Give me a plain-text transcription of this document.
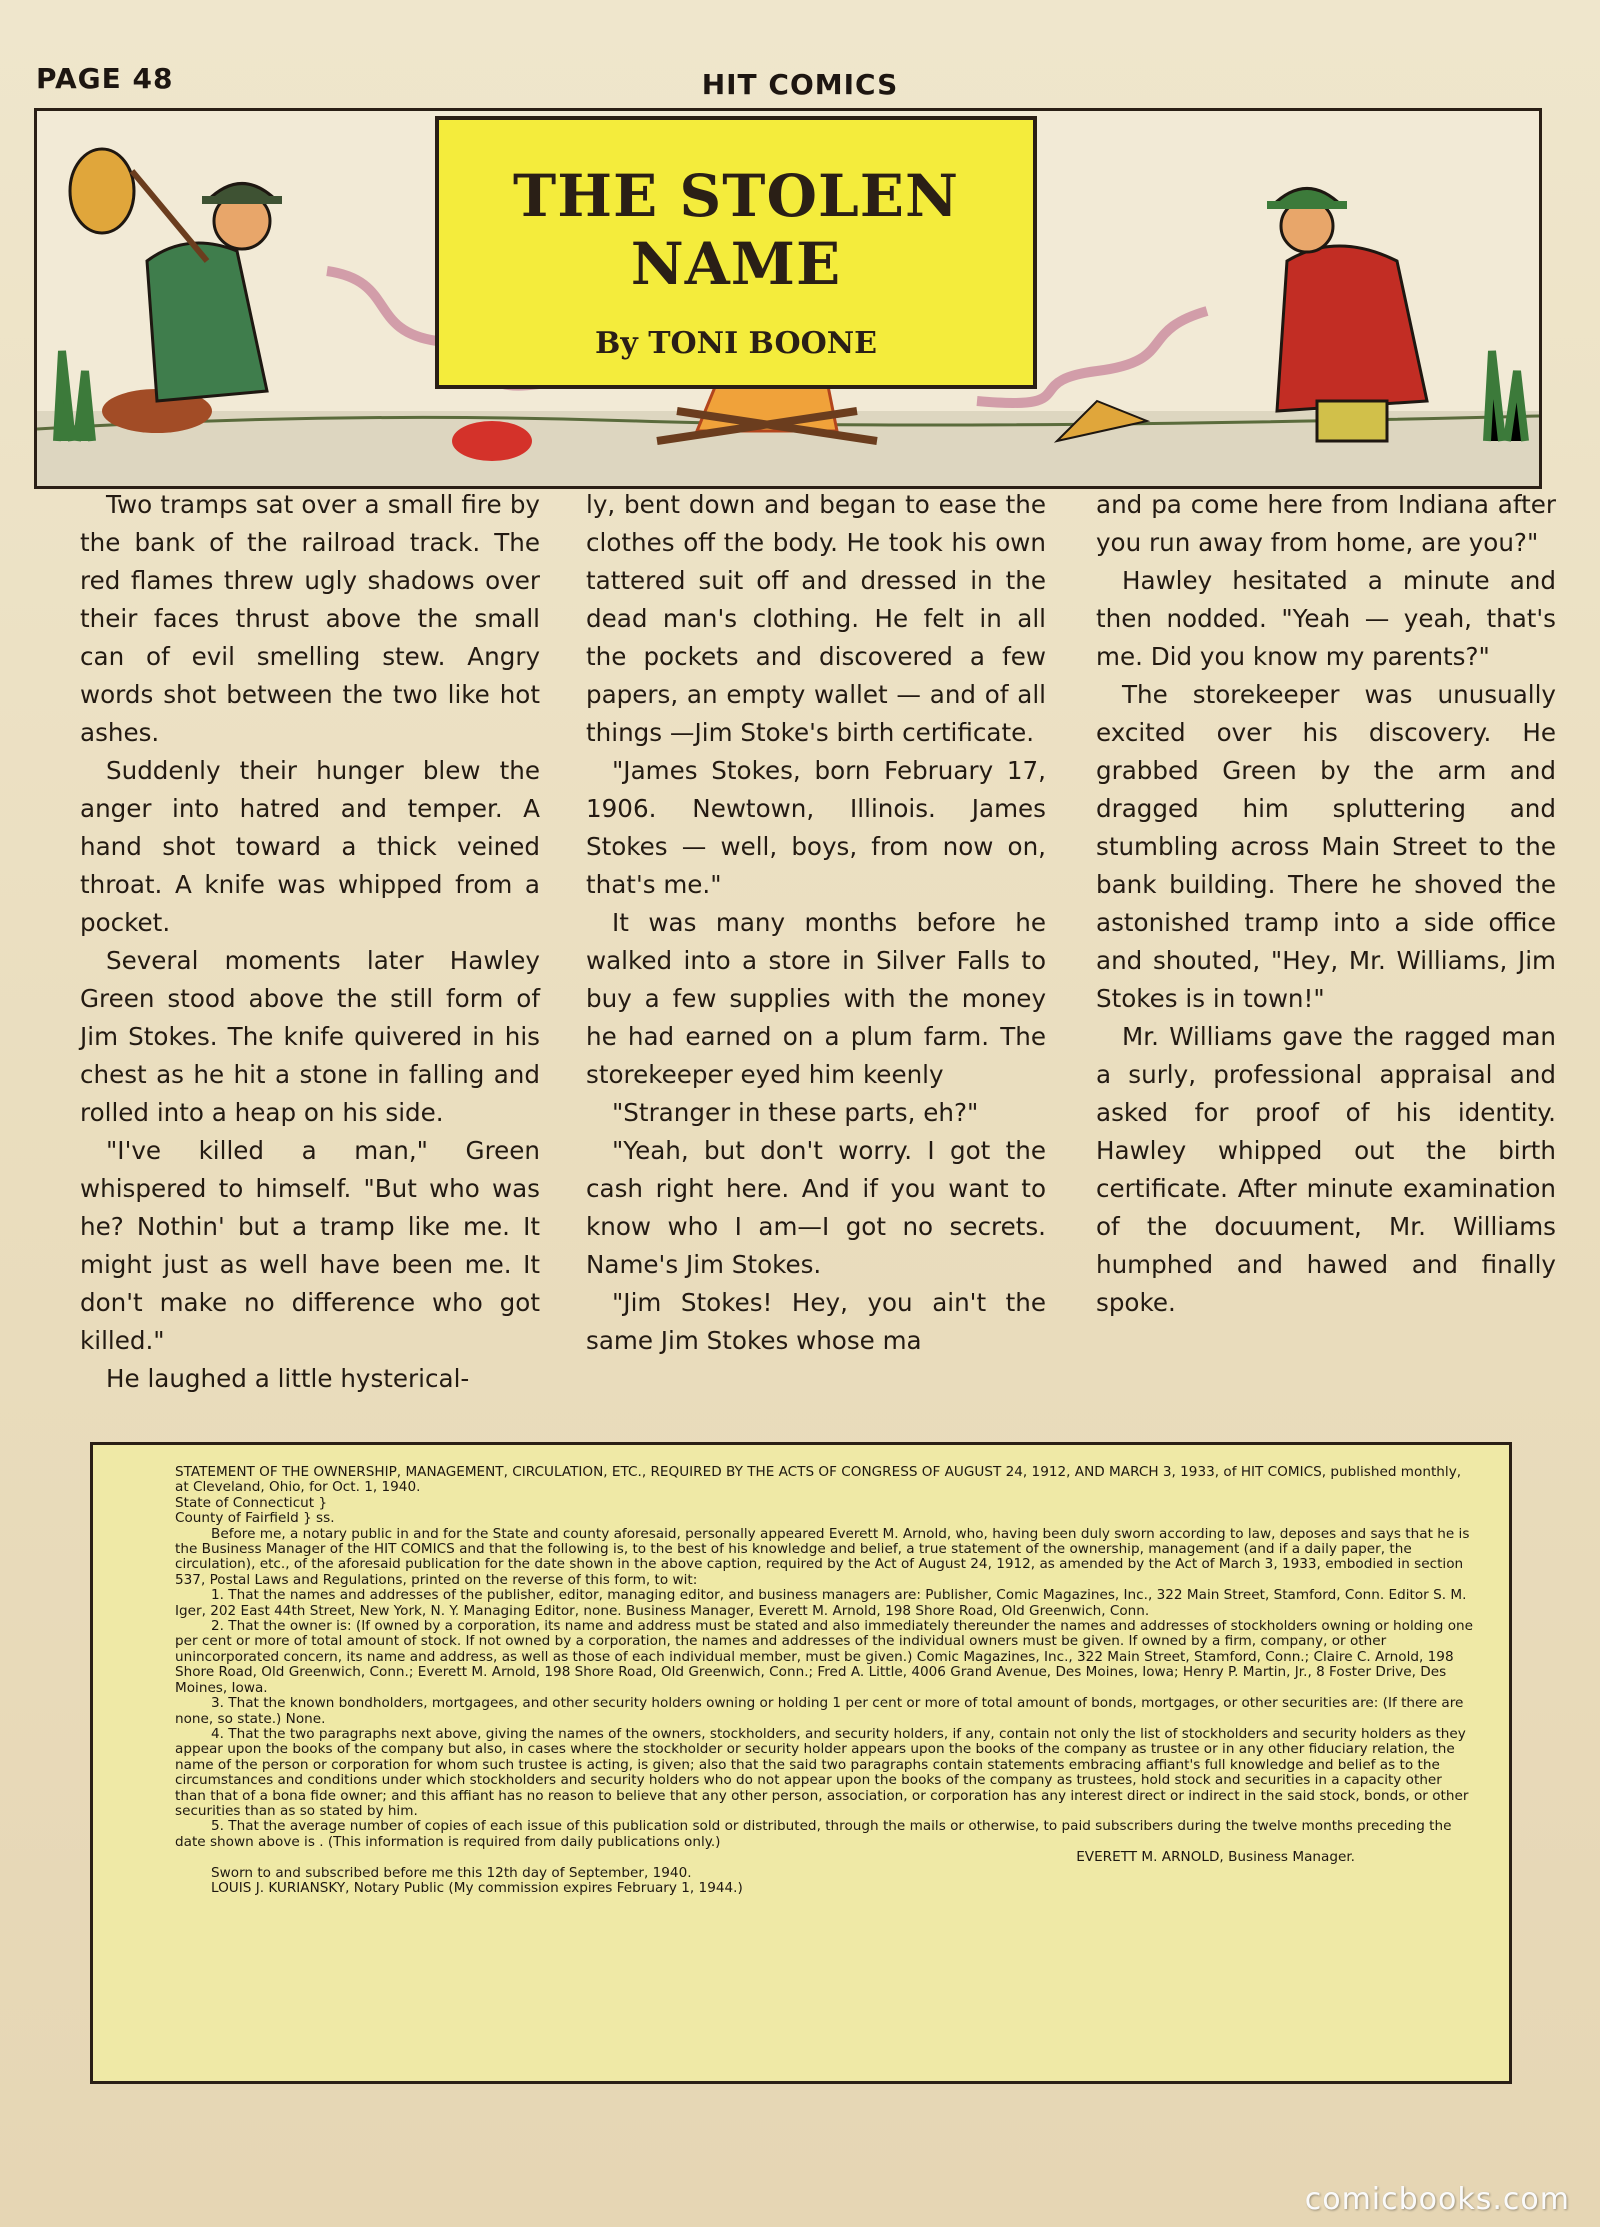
PAGE 48	HIT COMICS
THE STOLEN NAME
By TONI BOONE

Two tramps sat over a small fire by the bank of the railroad track. The red flames threw ugly shadows over their faces thrust above the small can of evil smelling stew. Angry words shot between the two like hot ashes.

Suddenly their hunger blew the anger into hatred and temper. A hand shot toward a thick veined throat. A knife was whipped from a pocket.

Several moments later Hawley Green stood above the still form of Jim Stokes. The knife quivered in his chest as he hit a stone in falling and rolled into a heap on his side.

"I've killed a man," Green whispered to himself. "But who was he? Nothin' but a tramp like me. It might just as well have been me. It don't make no difference who got killed."

He laughed a little hysterical-

ly, bent down and began to ease the clothes off the body. He took his own tattered suit off and dressed in the dead man's clothing. He felt in all the pockets and discovered a few papers, an empty wallet — and of all things —Jim Stoke's birth certificate.

"James Stokes, born February 17, 1906. Newtown, Illinois. James Stokes — well, boys, from now on, that's me."

It was many months before he walked into a store in Silver Falls to buy a few supplies with the money he had earned on a plum farm. The storekeeper eyed him keenly

"Stranger in these parts, eh?"

"Yeah, but don't worry. I got the cash right here. And if you want to know who I am—I got no secrets. Name's Jim Stokes.

"Jim Stokes! Hey, you ain't the same Jim Stokes whose ma

and pa come here from Indiana after you run away from home, are you?"

Hawley hesitated a minute and then nodded. "Yeah — yeah, that's me. Did you know my parents?"

The storekeeper was unusually excited over his discovery. He grabbed Green by the arm and dragged him spluttering and stumbling across Main Street to the bank building. There he shoved the astonished tramp into a side office and shouted, "Hey, Mr. Williams, Jim Stokes is in town!"

Mr. Williams gave the ragged man a surly, professional appraisal and asked for proof of his identity. Hawley whipped out the birth certificate. After minute examination of the docuument, Mr. Williams humphed and hawed and finally spoke.

STATEMENT OF THE OWNERSHIP, MANAGEMENT, CIRCULATION, ETC., REQUIRED BY THE ACTS OF CONGRESS OF AUGUST 24, 1912, AND MARCH 3, 1933, of HIT COMICS, published monthly, at Cleveland, Ohio, for Oct. 1, 1940.

State of Connecticut }

County of Fairfield } ss.

Before me, a notary public in and for the State and county aforesaid, personally appeared Everett M. Arnold, who, having been duly sworn according to law, deposes and says that he is the Business Manager of the HIT COMICS and that the following is, to the best of his knowledge and belief, a true statement of the ownership, management (and if a daily paper, the circulation), etc., of the aforesaid publication for the date shown in the above caption, required by the Act of August 24, 1912, as amended by the Act of March 3, 1933, embodied in section 537, Postal Laws and Regulations, printed on the reverse of this form, to wit:

1. That the names and addresses of the publisher, editor, managing editor, and business managers are: Publisher, Comic Magazines, Inc., 322 Main Street, Stamford, Conn. Editor S. M. Iger, 202 East 44th Street, New York, N. Y. Managing Editor, none. Business Manager, Everett M. Arnold, 198 Shore Road, Old Greenwich, Conn.

2. That the owner is: (If owned by a corporation, its name and address must be stated and also immediately thereunder the names and addresses of stockholders owning or holding one per cent or more of total amount of stock. If not owned by a corporation, the names and addresses of the individual owners must be given. If owned by a firm, company, or other unincorporated concern, its name and address, as well as those of each individual member, must be given.) Comic Magazines, Inc., 322 Main Street, Stamford, Conn.; Claire C. Arnold, 198 Shore Road, Old Greenwich, Conn.; Everett M. Arnold, 198 Shore Road, Old Greenwich, Conn.; Fred A. Little, 4006 Grand Avenue, Des Moines, Iowa; Henry P. Martin, Jr., 8 Foster Drive, Des Moines, Iowa.

3. That the known bondholders, mortgagees, and other security holders owning or holding 1 per cent or more of total amount of bonds, mortgages, or other securities are: (If there are none, so state.) None.

4. That the two paragraphs next above, giving the names of the owners, stockholders, and security holders, if any, contain not only the list of stockholders and security holders as they appear upon the books of the company but also, in cases where the stockholder or security holder appears upon the books of the company as trustee or in any other fiduciary relation, the name of the person or corporation for whom such trustee is acting, is given; also that the said two paragraphs contain statements embracing affiant's full knowledge and belief as to the circumstances and conditions under which stockholders and security holders who do not appear upon the books of the company as trustees, hold stock and securities in a capacity other than that of a bona fide owner; and this affiant has no reason to believe that any other person, association, or corporation has any interest direct or indirect in the said stock, bonds, or other securities than as so stated by him.

5. That the average number of copies of each issue of this publication sold or distributed, through the mails or otherwise, to paid subscribers during the twelve months preceding the date shown above is . (This information is required from daily publications only.)

EVERETT M. ARNOLD, Business Manager.

Sworn to and subscribed before me this 12th day of September, 1940.

LOUIS J. KURIANSKY, Notary Public (My commission expires February 1, 1944.)

comicbooks.com
